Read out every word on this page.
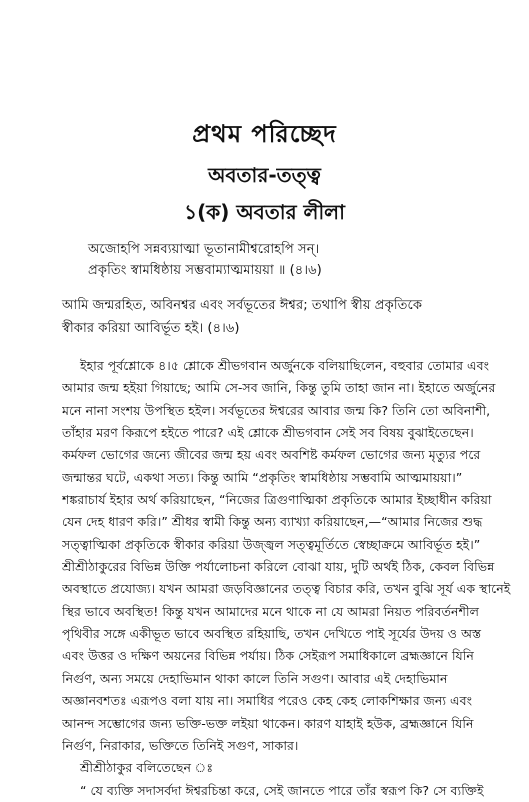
প্রথম পরিচ্ছেদ
অবতার-তত্ত্ব
১(ক) অবতার লীলা
অজোহপি সন্নব্যয়াত্মা ভূতানামীশ্বরোহপি সন্।
প্রকৃতিং স্বামধিষ্ঠায় সম্ভবাম্যাত্মমায়য়া ॥ (৪।৬)
আমি জন্মরহিত, অবিনশ্বর এবং সর্বভূতের ঈশ্বর; তথাপি স্বীয় প্রকৃতিকে
স্বীকার করিয়া আবির্ভূত হই। (৪।৬)
ইহার পূর্বশ্লোকে ৪।৫ শ্লোকে শ্রীভগবান অর্জুনকে বলিয়াছিলেন, বহুবার তোমার এবং
আমার জন্ম হইয়া গিয়াছে; আমি সে-সব জানি, কিন্তু তুমি তাহা জান না। ইহাতে অর্জুনের
মনে নানা সংশয় উপস্থিত হইল। সর্বভূতের ঈশ্বরের আবার জন্ম কি? তিনি তো অবিনাশী,
তাঁহার মরণ কিরূপে হইতে পারে? এই শ্লোকে শ্রীভগবান সেই সব বিষয় বুঝাইতেছেন।
কর্মফল ভোগের জন্যে জীবের জন্ম হয় এবং অবশিষ্ট কর্মফল ভোগের জন্য মৃত্যুর পরে
জন্মান্তর ঘটে, একথা সত্য। কিন্তু আমি “প্রকৃতিং স্বামধিষ্ঠায় সম্ভবামি আত্মমায়য়া।”
শঙ্করাচার্য ইহার অর্থ করিয়াছেন, “নিজের ত্রিগুণাত্মিকা প্রকৃতিকে আমার ইচ্ছাধীন করিয়া
যেন দেহ ধারণ করি।” শ্রীধর স্বামী কিন্তু অন্য ব্যাখ্যা করিয়াছেন,—“আমার নিজের শুদ্ধ
সত্ত্বাত্মিকা প্রকৃতিকে স্বীকার করিয়া উজ্জ্বল সত্ত্বমূর্তিতে স্বেচ্ছাক্রমে আবির্ভূত হই।”
শ্রীশ্রীঠাকুরের বিভিন্ন উক্তি পর্যালোচনা করিলে বোঝা যায়, দুটি অর্থই ঠিক, কেবল বিভিন্ন
অবস্থাতে প্রযোজ্য। যখন আমরা জড়বিজ্ঞানের তত্ত্ব বিচার করি, তখন বুঝি সূর্য এক স্থানেই
স্থির ভাবে অবস্থিত! কিন্তু যখন আমাদের মনে থাকে না যে আমরা নিয়ত পরিবর্তনশীল
পৃথিবীর সঙ্গে একীভূত ভাবে অবস্থিত রহিয়াছি, তখন দেখিতে পাই সূর্যের উদয় ও অস্ত
এবং উত্তর ও দক্ষিণ অয়নের বিভিন্ন পর্যায়। ঠিক সেইরূপ সমাধিকালে ব্রহ্মজ্ঞানে যিনি
নির্গুণ, অন্য সময়ে দেহাভিমান থাকা কালে তিনি সগুণ। আবার এই দেহাভিমান
অজ্ঞানবশতঃ এরূপও বলা যায় না। সমাধির পরেও কেহ কেহ লোকশিক্ষার জন্য এবং
আনন্দ সম্ভোগের জন্য ভক্তি-ভক্ত লইয়া থাকেন। কারণ যাহাই হউক, ব্রহ্মজ্ঞানে যিনি
নির্গুণ, নিরাকার, ভক্তিতে তিনিই সগুণ, সাকার।
শ্রীশ্রীঠাকুর বলিতেছেন ঃ
“ যে ব্যক্তি সদাসর্বদা ঈশ্বরচিন্তা করে, সেই জানতে পারে তাঁর স্বরূপ কি? সে ব্যক্তিই
